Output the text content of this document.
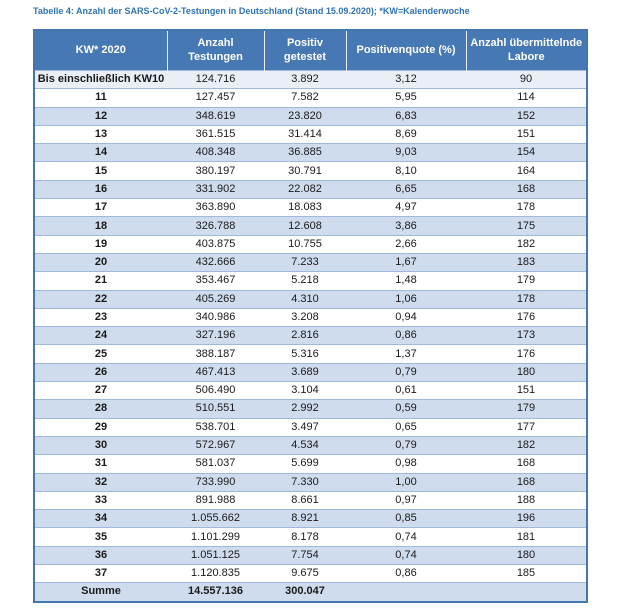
Tabelle 4: Anzahl der SARS-CoV-2-Testungen in Deutschland (Stand 15.09.2020); *KW=Kalenderwoche
KW* 2020	Anzahl Testungen	Positiv getestet	Positivenquote (%)	Anzahl übermittelnde Labore
Bis einschließlich KW10	124.716	3.892	3,12	90
11	127.457	7.582	5,95	114
12	348.619	23.820	6,83	152
13	361.515	31.414	8,69	151
14	408.348	36.885	9,03	154
15	380.197	30.791	8,10	164
16	331.902	22.082	6,65	168
17	363.890	18.083	4,97	178
18	326.788	12.608	3,86	175
19	403.875	10.755	2,66	182
20	432.666	7.233	1,67	183
21	353.467	5.218	1,48	179
22	405.269	4.310	1,06	178
23	340.986	3.208	0,94	176
24	327.196	2.816	0,86	173
25	388.187	5.316	1,37	176
26	467.413	3.689	0,79	180
27	506.490	3.104	0,61	151
28	510.551	2.992	0,59	179
29	538.701	3.497	0,65	177
30	572.967	4.534	0,79	182
31	581.037	5.699	0,98	168
32	733.990	7.330	1,00	168
33	891.988	8.661	0,97	188
34	1.055.662	8.921	0,85	196
35	1.101.299	8.178	0,74	181
36	1.051.125	7.754	0,74	180
37	1.120.835	9.675	0,86	185
Summe	14.557.136	300.047		
